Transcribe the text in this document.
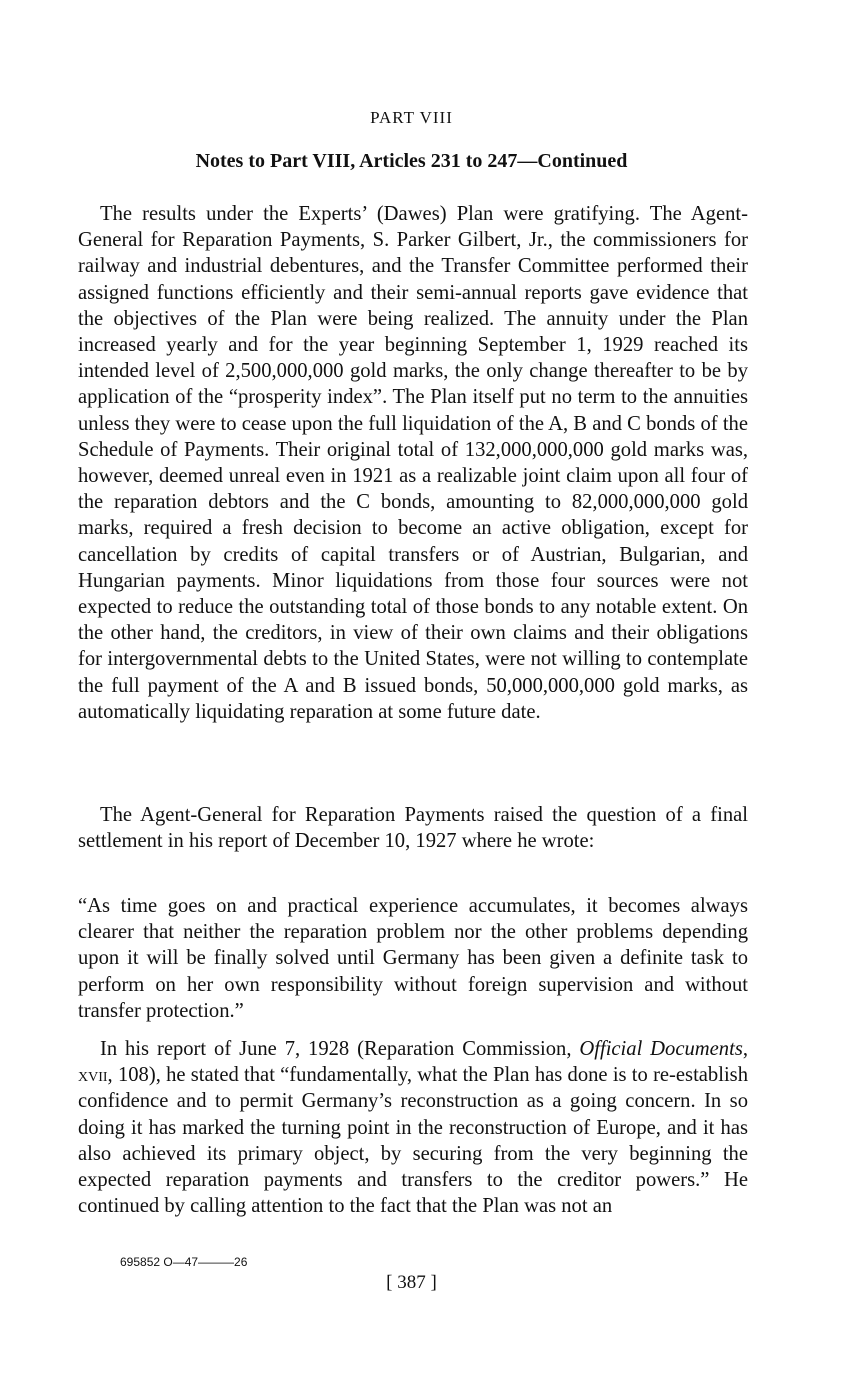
PART VIII

Notes to Part VIII, Articles 231 to 247—Continued

The results under the Experts’ (Dawes) Plan were gratifying. The Agent-General for Reparation Payments, S. Parker Gilbert, Jr., the commissioners for railway and industrial debentures, and the Transfer Committee performed their assigned functions efficiently and their semi-annual reports gave evidence that the objectives of the Plan were being realized. The annuity under the Plan increased yearly and for the year beginning September 1, 1929 reached its intended level of 2,500,000,000 gold marks, the only change thereafter to be by application of the “prosperity index”. The Plan itself put no term to the annuities unless they were to cease upon the full liquidation of the A, B and C bonds of the Schedule of Payments. Their original total of 132,000,000,000 gold marks was, however, deemed unreal even in 1921 as a realizable joint claim upon all four of the reparation debtors and the C bonds, amounting to 82,000,000,000 gold marks, required a fresh decision to become an active obligation, except for cancellation by credits of capital transfers or of Austrian, Bulgarian, and Hungarian payments. Minor liquidations from those four sources were not expected to reduce the outstanding total of those bonds to any notable extent. On the other hand, the creditors, in view of their own claims and their obligations for intergovernmental debts to the United States, were not willing to contemplate the full payment of the A and B issued bonds, 50,000,000,000 gold marks, as automatically liquidating reparation at some future date.

The Agent-General for Reparation Payments raised the question of a final settlement in his report of December 10, 1927 where he wrote:

“As time goes on and practical experience accumulates, it becomes always clearer that neither the reparation problem nor the other problems depending upon it will be finally solved until Germany has been given a definite task to perform on her own responsibility without foreign supervision and without transfer protection.”

In his report of June 7, 1928 (Reparation Commission, Official Documents, xvii, 108), he stated that “fundamentally, what the Plan has done is to re-establish confidence and to permit Germany’s reconstruction as a going concern. In so doing it has marked the turning point in the reconstruction of Europe, and it has also achieved its primary object, by securing from the very beginning the expected reparation payments and transfers to the creditor powers.” He continued by calling attention to the fact that the Plan was not an

695852 O—47———26

[ 387 ]
